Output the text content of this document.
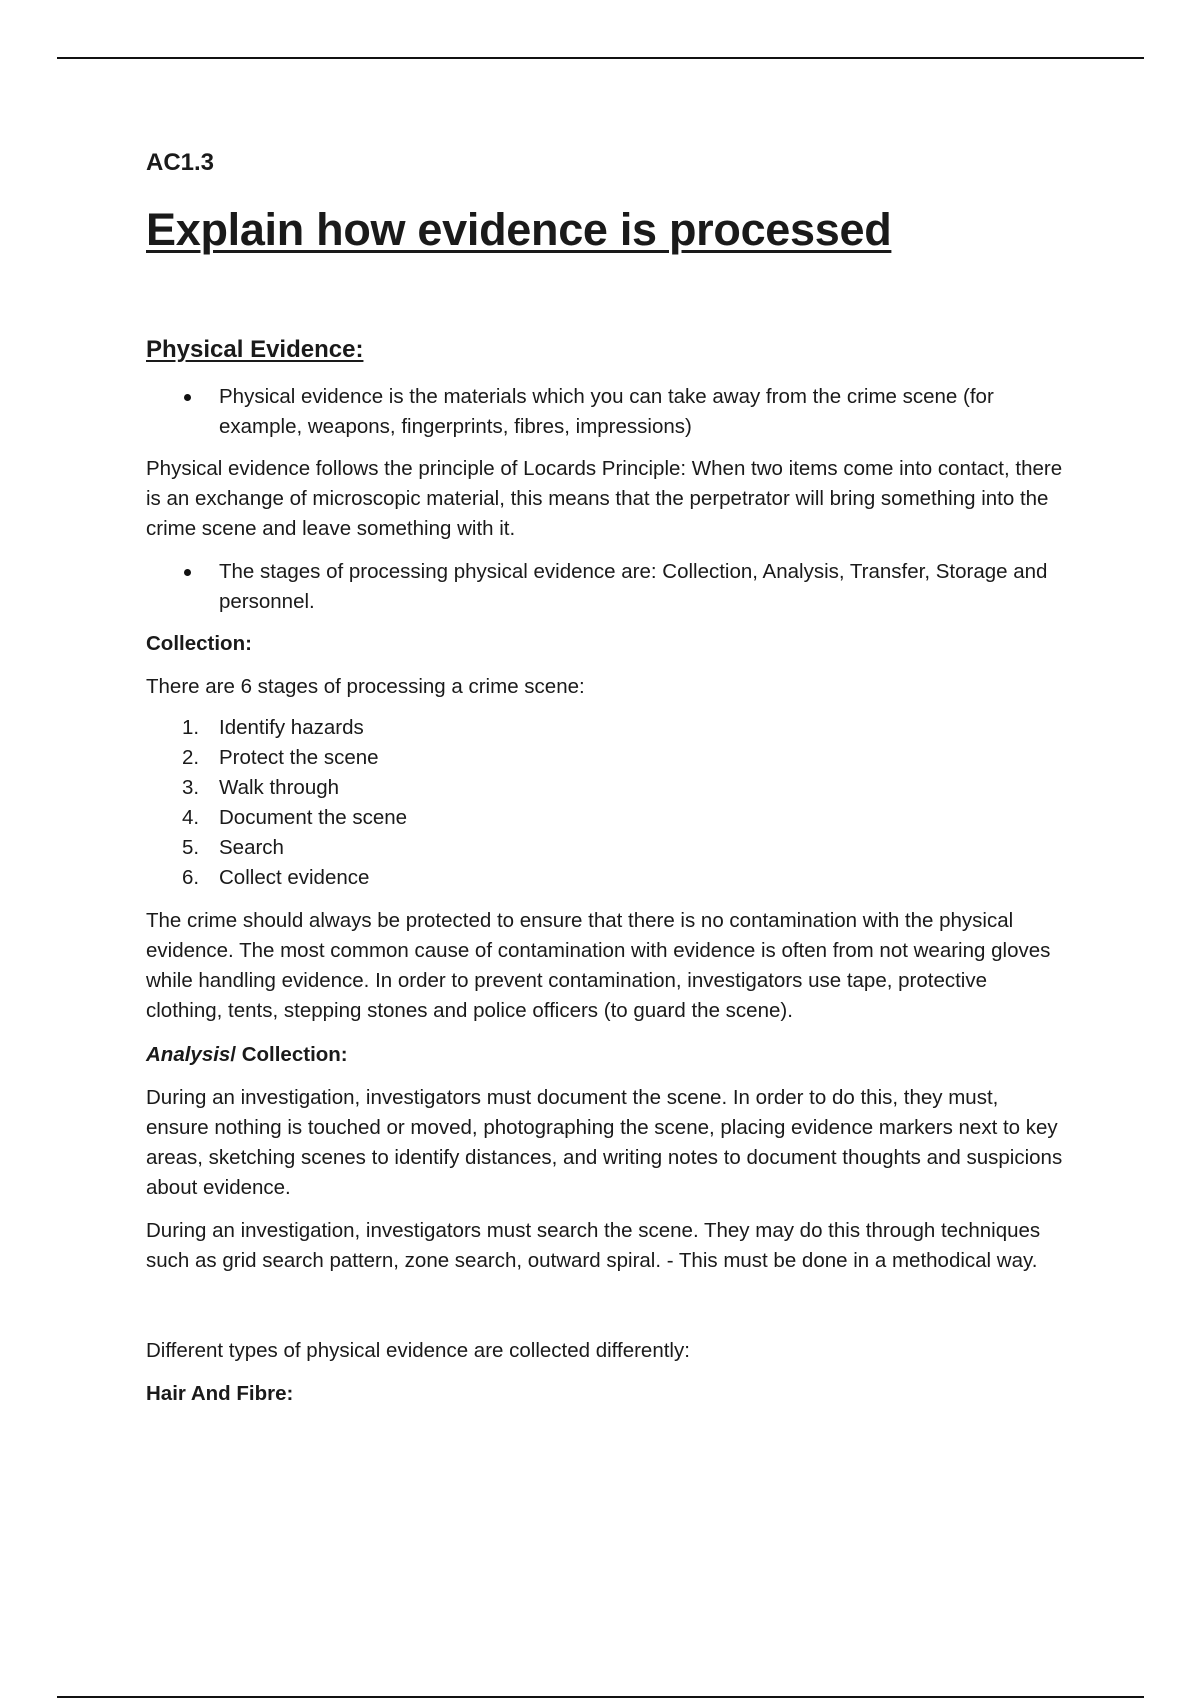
AC1.3

Explain how evidence is processed
Physical Evidence:
Physical evidence is the materials which you can take away from the crime scene (for example, weapons, fingerprints, fibres, impressions)

Physical evidence follows the principle of Locards Principle: When two items come into contact, there is an exchange of microscopic material, this means that the perpetrator will bring something into the crime scene and leave something with it.

The stages of processing physical evidence are: Collection, Analysis, Transfer, Storage and personnel.

Collection:

There are 6 stages of processing a crime scene:

1. Identify hazards
2. Protect the scene
3. Walk through
4. Document the scene
5. Search
6. Collect evidence

The crime should always be protected to ensure that there is no contamination with the physical evidence. The most common cause of contamination with evidence is often from not wearing gloves while handling evidence. In order to prevent contamination, investigators use tape, protective clothing, tents, stepping stones and police officers (to guard the scene).

Analysis/ Collection:

During an investigation, investigators must document the scene. In order to do this, they must, ensure nothing is touched or moved, photographing the scene, placing evidence markers next to key areas, sketching scenes to identify distances, and writing notes to document thoughts and suspicions about evidence.

During an investigation, investigators must search the scene. They may do this through techniques such as grid search pattern, zone search, outward spiral. - This must be done in a methodical way.

Different types of physical evidence are collected differently:

Hair And Fibre:
